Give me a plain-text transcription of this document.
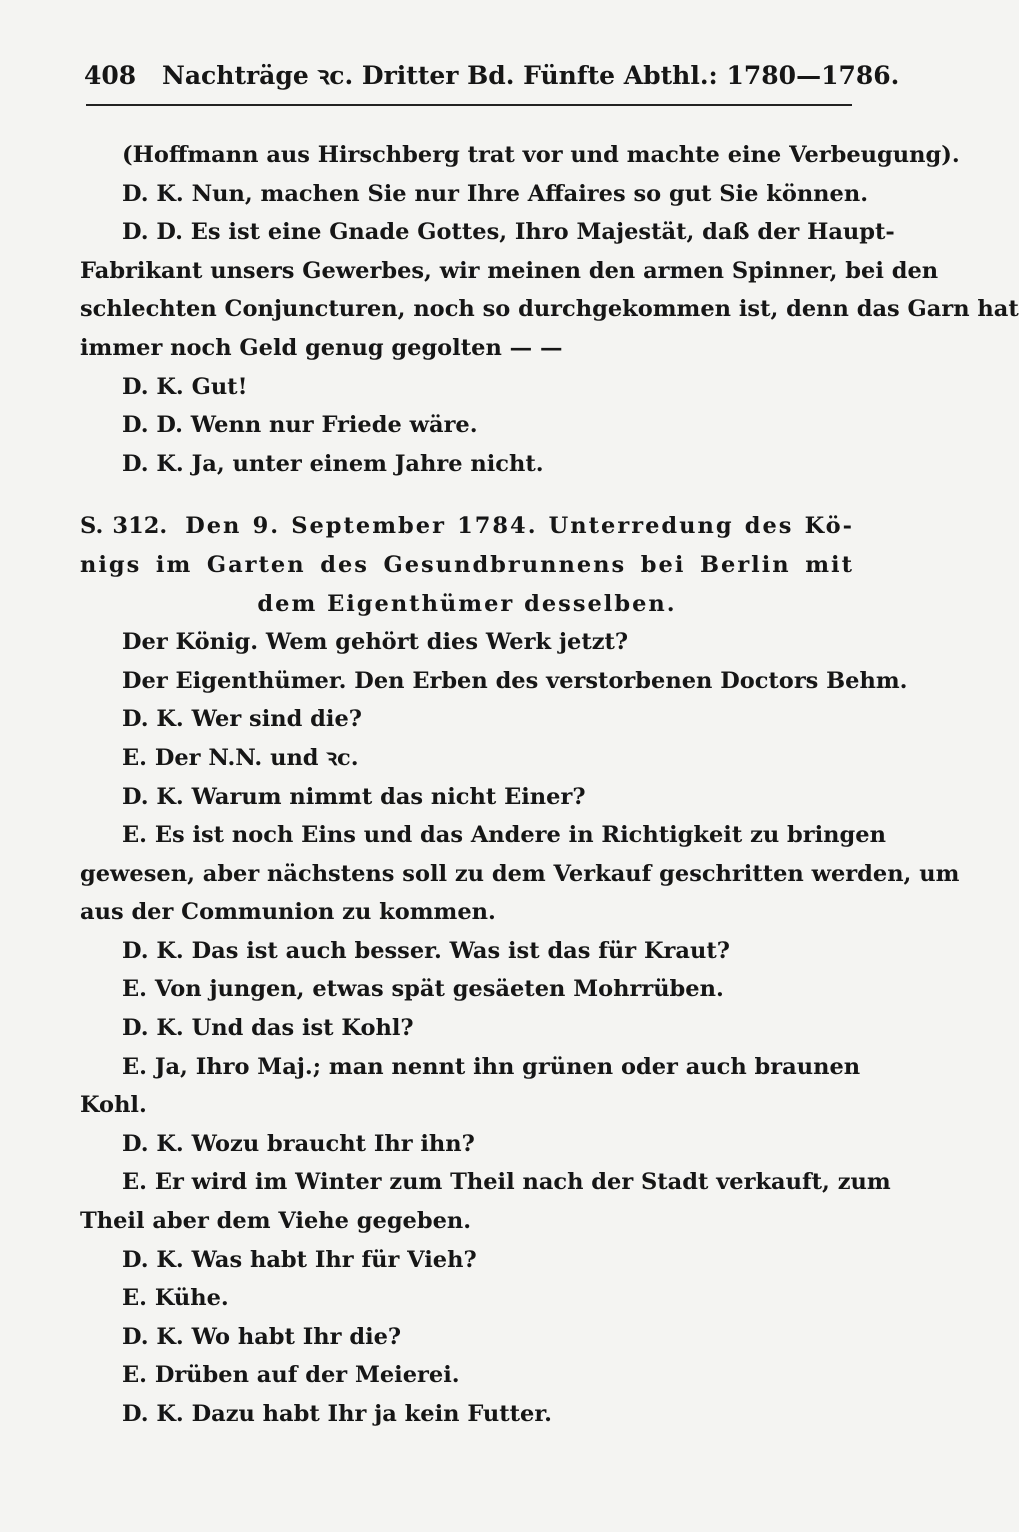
408 Nachträge ꝛc. Dritter Bd. Fünfte Abthl.: 1780—1786.
(Hoffmann aus Hirschberg trat vor und machte eine Verbeugung).
D. K. Nun, machen Sie nur Ihre Affaires so gut Sie können.
D. D. Es ist eine Gnade Gottes, Ihro Majestät, daß der Haupt-
Fabrikant unsers Gewerbes, wir meinen den armen Spinner, bei den
schlechten Conjuncturen, noch so durchgekommen ist, denn das Garn hat
immer noch Geld genug gegolten — —
D. K. Gut!
D. D. Wenn nur Friede wäre.
D. K. Ja, unter einem Jahre nicht.
S. 312. Den 9. September 1784. Unterredung des Kö-
nigs im Garten des Gesundbrunnens bei Berlin mit
dem Eigenthümer desselben.
Der König. Wem gehört dies Werk jetzt?
Der Eigenthümer. Den Erben des verstorbenen Doctors Behm.
D. K. Wer sind die?
E. Der N.N. und ꝛc.
D. K. Warum nimmt das nicht Einer?
E. Es ist noch Eins und das Andere in Richtigkeit zu bringen
gewesen, aber nächstens soll zu dem Verkauf geschritten werden, um
aus der Communion zu kommen.
D. K. Das ist auch besser. Was ist das für Kraut?
E. Von jungen, etwas spät gesäeten Mohrrüben.
D. K. Und das ist Kohl?
E. Ja, Ihro Maj.; man nennt ihn grünen oder auch braunen
Kohl.
D. K. Wozu braucht Ihr ihn?
E. Er wird im Winter zum Theil nach der Stadt verkauft, zum
Theil aber dem Viehe gegeben.
D. K. Was habt Ihr für Vieh?
E. Kühe.
D. K. Wo habt Ihr die?
E. Drüben auf der Meierei.
D. K. Dazu habt Ihr ja kein Futter.
